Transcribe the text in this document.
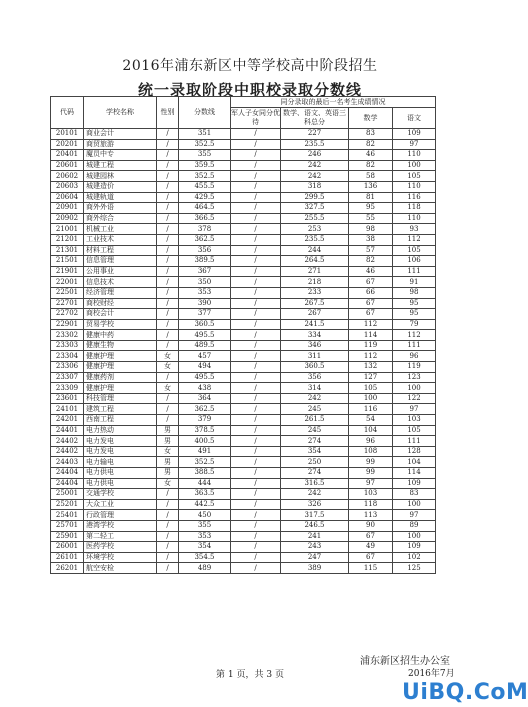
2016年浦东新区中等学校高中阶段招生
统一录取阶段中职校录取分数线
代码	学校名称	性别	分数线	同分录取的最后一名考生成绩情况			
				军人子女同分优待	数学、语文、英语三科总分	数学	语文
20101	商业会计	/	351	/	227	83	109
20201	商贸旅游	/	352.5	/	235.5	82	97
20401	魔员中专	/	355	/	246	46	110
20601	城建工程	/	359.5	/	242	82	100
20602	城建园林	/	352.5	/	242	58	105
20603	城建造价	/	455.5	/	318	136	110
20604	城建轨道	/	429.5	/	299.5	81	116
20901	商外外语	/	464.5	/	327.5	95	118
20902	商外综合	/	366.5	/	255.5	55	110
21001	机械工业	/	378	/	253	98	93
21201	工业技术	/	362.5	/	235.5	38	112
21301	材料工程	/	356	/	244	57	105
21501	信息管理	/	389.5	/	264.5	82	106
21901	公用事业	/	367	/	271	46	111
22001	信息技术	/	350	/	218	67	91
22501	经济管理	/	353	/	233	66	98
22701	商校财经	/	390	/	267.5	67	95
22702	商校会计	/	377	/	267	67	95
22901	贸易学校	/	360.5	/	241.5	112	79
23302	健康中药	/	495.5	/	334	114	112
23303	健康生物	/	489.5	/	346	119	111
23304	健康护理	女	457	/	311	112	96
23306	健康护理	女	494	/	360.5	132	119
23307	健康药剂	/	495.5	/	356	127	123
23309	健康护理	女	438	/	314	105	100
23601	科技管理	/	364	/	242	100	122
24101	建筑工程	/	362.5	/	245	116	97
24201	西南工程	/	379	/	261.5	54	103
24401	电力热动	男	378.5	/	245	104	105
24402	电力发电	男	400.5	/	274	96	111
24402	电力发电	女	491	/	354	108	128
24403	电力输电	男	352.5	/	250	99	104
24404	电力供电	男	388.5	/	274	99	114
24404	电力供电	女	444	/	316.5	97	109
25001	交通学校	/	363.5	/	242	103	83
25201	大众工业	/	442.5	/	326	118	100
25401	行政管理	/	450	/	317.5	113	97
25701	港湾学校	/	355	/	246.5	90	89
25901	第二轻工	/	353	/	241	67	100
26001	医药学校	/	354	/	243	49	109
26101	环境学校	/	354.5	/	247	67	102
26201	航空安检	/	489	/	389	115	125
浦东新区招生办公室
第 1 页，共 3 页	2016年7月
UiBQ.CoM
